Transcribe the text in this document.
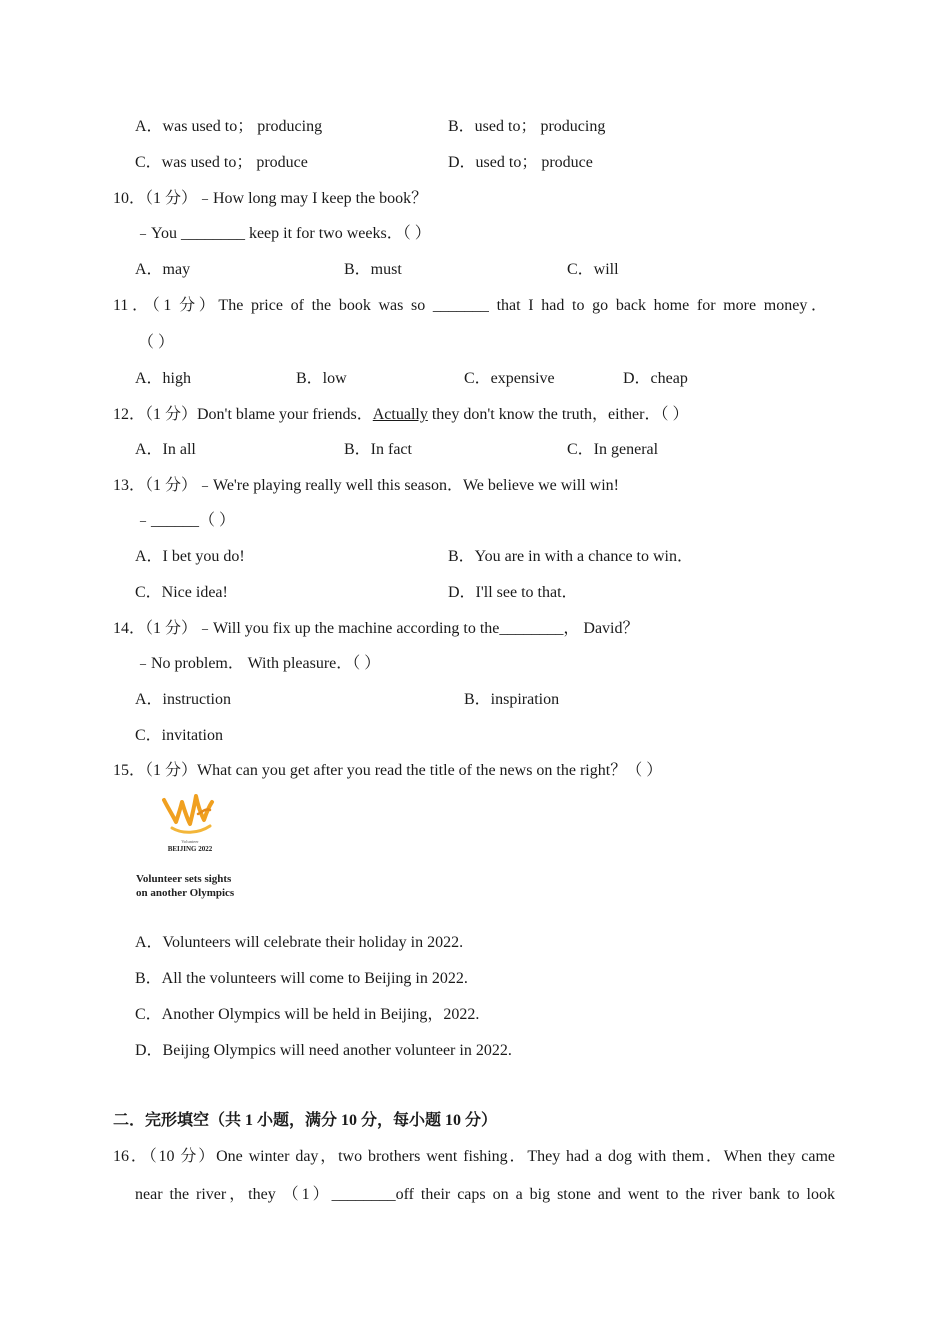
A．was used to； producing	B．used to； producing
C．was used to； produce	D．used to； produce
10．（1 分）﹣How long may I keep the book？
﹣You ________ keep it for two weeks．（ ）
A．may	B．must	C．will
11．（1 分）The price of the book was so _______ that I had to go back home for more money．
（ ）
A．high	B．low	C．expensive	D．cheap
12．（1 分）Don't blame your friends．Actually they don't know the truth，either．（ ）
A．In all	B．In fact	C．In general
13．（1 分）﹣We're playing really well this season．We believe we will win!
﹣______（ ）
A．I bet you do!	B．You are in with a chance to win．
C．Nice idea!	D．I'll see to that．
14．（1 分）﹣Will you fix up the machine according to the________， David？
﹣No problem． With pleasure．（ ）
A．instruction	B．inspiration
C．invitation
15．（1 分）What can you get after you read the title of the news on the right？（ ）
Volunteer
BEIJING 2022
Volunteer sets sights
on another Olympics
A．Volunteers will celebrate their holiday in 2022.
B．All the volunteers will come to Beijing in 2022.
C．Another Olympics will be held in Beijing，2022.
D．Beijing Olympics will need another volunteer in 2022.
二．完形填空（共 1 小题，满分 10 分，每小题 10 分）
16．（10 分）One winter day，two brothers went fishing．They had a dog with them．When they came
near the river，they （1）________off their caps on a big stone and went to the river bank to look
